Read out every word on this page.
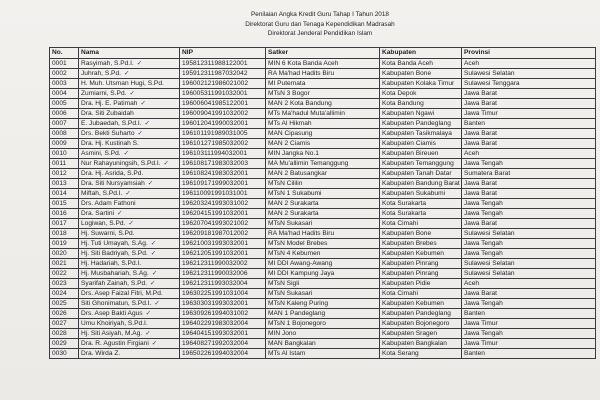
Penilaian Angka Kredit Guru Tahap I Tahun 2018
Direktorat Guru dan Tenaga Kependidikan Madrasah
Direktorat Jenderal Pendidikan Islam
No.	Nama	NIP	Satker	Kabupaten	Provinsi
0001	Rasyimah, S.Pd.I. ✓	195812311988122001	MIN 6 Kota Banda Aceh	Kota Banda Aceh	Aceh
0002	Juhrah, S.Pd. ✓	195912311987032042	RA Ma'had Hadits Biru	Kabupaten Bone	Sulawesi Selatan
0003	H. Muh. Utsman Hugi, S.Pd.	196002121986021002	MI Putemata	Kabupaten Kolaka Timur	Sulawesi Tenggara
0004	Zumiarni, S.Pd. ✓	196005311991032001	MTsN 3 Bogor	Kota Depok	Jawa Barat
0005	Dra. Hj. E. Patimah ✓	196006041985122001	MAN 2 Kota Bandung	Kota Bandung	Jawa Barat
0006	Dra. Siti Zubaidah	196009041991032002	MTs Ma'hadul Muta'allimin	Kabupaten Ngawi	Jawa Timur
0007	E. Jubaedah, S.Pd.I. ✓	196012041990032001	MTs Al Hikmah	Kabupaten Pandeglang	Banten
0008	Drs. Bekti Suharto ✓	196101191989031005	MAN Cipasung	Kabupaten Tasikmalaya	Jawa Barat
0009	Dra. Hj. Kustinah S.	196101271985032002	MAN 2 Ciamis	Kabupaten Ciamis	Jawa Barat
0010	Asmini, S.Pd. ✓	196103111994032001	MIN Jangka No.1	Kabupaten Bireuen	Aceh
0011	Nur Rahayuningsih, S.Pd.I. ✓	196108171983032003	MA Mu'allimin Temanggung	Kabupaten Temanggung	Jawa Tengah
0012	Dra. Hj. Asrida, S.Pd.	196108241983032001	MAN 2 Batusangkar	Kabupaten Tanah Datar	Sumatera Barat
0013	Dra. Siti Nursyamsiah ✓	196109171999032001	MTsN Cililin	Kabupaten Bandung Barat	Jawa Barat
0014	Miftah, S.Pd.I. ✓	196110091991031001	MTsN 1 Sukabumi	Kabupaten Sukabumi	Jawa Barat
0015	Drs. Adam Fathoni	196203241993031002	MAN 2 Surakarta	Kota Surakarta	Jawa Tengah
0016	Dra. Sartini ✓	196204151991032001	MAN 2 Surakarta	Kota Surakarta	Jawa Tengah
0017	Logiwan, S.Pd. ✓	196207041993021002	MTsN Sukasari	Kota Cimahi	Jawa Barat
0018	Hj. Suwarni, S.Pd.	196209181987012002	RA Ma'had Hadits Biru	Kabupaten Bone	Sulawesi Selatan
0019	Hj. Tuti Umayah, S.Ag. ✓	196210031993032001	MTsN Model Brebes	Kabupaten Brebes	Jawa Tengah
0020	Hj. Siti Badriyah, S.Pd. ✓	196212051991032001	MTsN 4 Kebumen	Kabupaten Kebumen	Jawa Tengah
0021	Hj. Hadariah, S.Pd.I.	196212311990032002	MI DDI Awang-Awang	Kabupaten Pinrang	Sulawesi Selatan
0022	Hj. Musbahariah, S.Ag. ✓	196212311990032006	MI DDI Kampung Jaya	Kabupaten Pinrang	Sulawesi Selatan
0023	Syarifah Zainah, S.Pd. ✓	196212311993032004	MTsN Sigli	Kabupaten Pidie	Aceh
0024	Drs. Asep Faizal Fitri, M.Pd.	196302251991031004	MTsN Sukasari	Kota Cimahi	Jawa Barat
0025	Siti Ghonimatun, S.Pd.I. ✓	196303031993032001	MTsN Kaleng Puring	Kabupaten Kebumen	Jawa Tengah
0026	Drs. Asep Bakti Agus ✓	196309261994031002	MAN 1 Pandeglang	Kabupaten Pandeglang	Banten
0027	Umu Khoiriyah, S.Pd.I.	196402291983032004	MTsN 1 Bojonegoro	Kabupaten Bojonegoro	Jawa Timur
0028	Hj. Siti Asiyah, M.Ag. ✓	196404151993032001	MIN Jono	Kabupaten Sragen	Jawa Tengah
0029	Dra. R. Agustin Firgiani ✓	196408271992032004	MAN Bangkalan	Kabupaten Bangkalan	Jawa Timur
0030	Dra. Wirda Z.	196502261994032004	MTs Al Istam	Kota Serang	Banten
